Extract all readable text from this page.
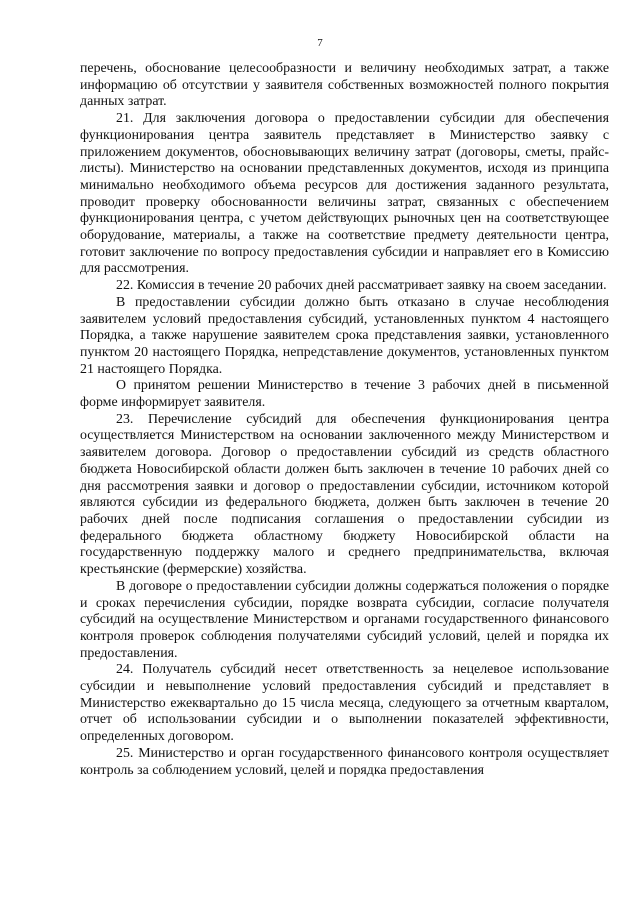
7

перечень, обоснование целесообразности и величину необходимых затрат, а также информацию об отсутствии у заявителя собственных возможностей полного покрытия данных затрат.

21. Для заключения договора о предоставлении субсидии для обеспечения функционирования центра заявитель представляет в Министерство заявку с приложением документов, обосновывающих величину затрат (договоры, сметы, прайс-листы). Министерство на основании представленных документов, исходя из принципа минимально необходимого объема ресурсов для достижения заданного результата, проводит проверку обоснованности величины затрат, связанных с обеспечением функционирования центра, с учетом действующих рыночных цен на соответствующее оборудование, материалы, а также на соответствие предмету деятельности центра, готовит заключение по вопросу предоставления субсидии и направляет его в Комиссию для рассмотрения.

22. Комиссия в течение 20 рабочих дней рассматривает заявку на своем заседании.

В предоставлении субсидии должно быть отказано в случае несоблюдения заявителем условий предоставления субсидий, установленных пунктом 4 настоящего Порядка, а также нарушение заявителем срока представления заявки, установленного пунктом 20 настоящего Порядка, непредставление документов, установленных пунктом 21 настоящего Порядка.

О принятом решении Министерство в течение 3 рабочих дней в письменной форме информирует заявителя.

23. Перечисление субсидий для обеспечения функционирования центра осуществляется Министерством на основании заключенного между Министерством и заявителем договора. Договор о предоставлении субсидий из средств областного бюджета Новосибирской области должен быть заключен в течение 10 рабочих дней со дня рассмотрения заявки и договор о предоставлении субсидии, источником которой являются субсидии из федерального бюджета, должен быть заключен в течение 20 рабочих дней после подписания соглашения о предоставлении субсидии из федерального бюджета областному бюджету Новосибирской области на государственную поддержку малого и среднего предпринимательства, включая крестьянские (фермерские) хозяйства.

В договоре о предоставлении субсидии должны содержаться положения о порядке и сроках перечисления субсидии, порядке возврата субсидии, согласие получателя субсидий на осуществление Министерством и органами государственного финансового контроля проверок соблюдения получателями субсидий условий, целей и порядка их предоставления.

24. Получатель субсидий несет ответственность за нецелевое использование субсидии и невыполнение условий предоставления субсидий и представляет в Министерство ежеквартально до 15 числа месяца, следующего за отчетным кварталом, отчет об использовании субсидии и о выполнении показателей эффективности, определенных договором.

25. Министерство и орган государственного финансового контроля осуществляет контроль за соблюдением условий, целей и порядка предоставления
